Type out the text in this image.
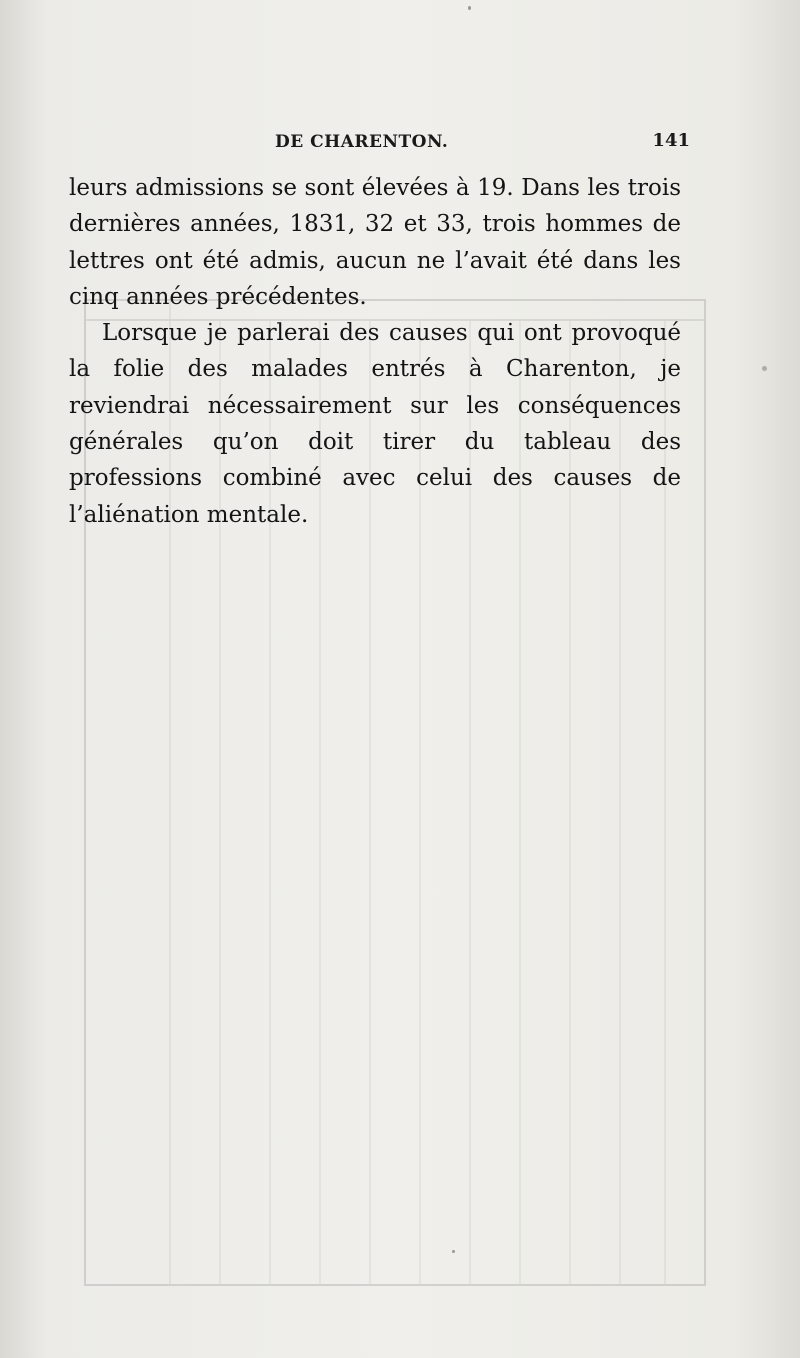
DE CHARENTON.	141

leurs admissions se sont élevées à 19. Dans les trois dernières années, 1831, 32 et 33, trois hommes de lettres ont été admis, aucun ne l’avait été dans les cinq années précédentes.

Lorsque je parlerai des causes qui ont provoqué la folie des malades entrés à Charenton, je reviendrai nécessairement sur les conséquences générales qu’on doit tirer du tableau des professions combiné avec celui des causes de l’aliénation mentale.
